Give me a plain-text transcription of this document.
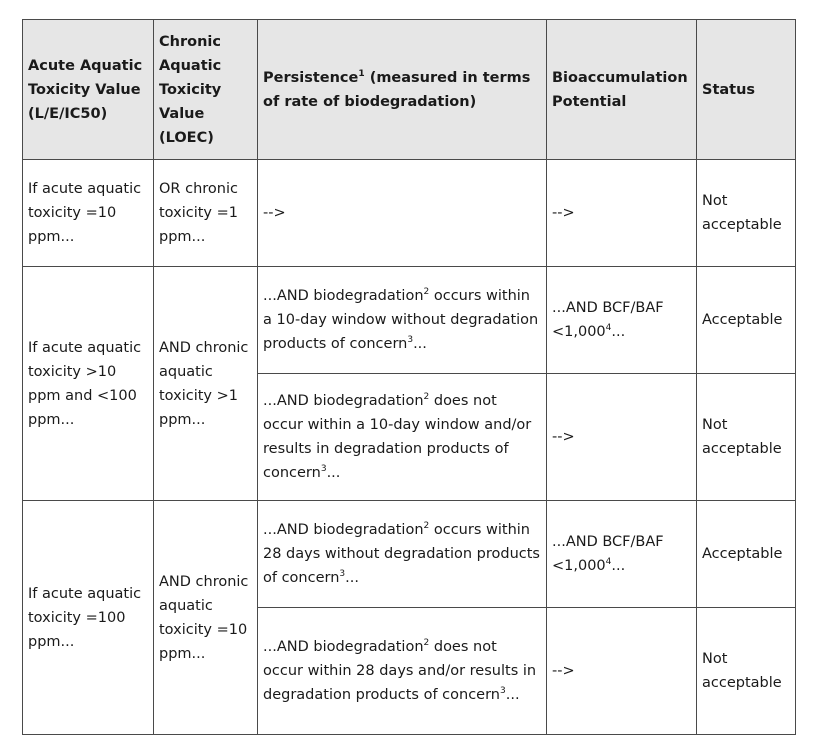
Acute Aquatic Toxicity Value (L/E/IC50)	Chronic Aquatic Toxicity Value (LOEC)	Persistence$^1$ (measured in terms of rate of biodegradation)	Bioaccumulation Potential	Status
If acute aquatic toxicity =10 ppm...	OR chronic toxicity =1 ppm...	-->	-->	Not acceptable
If acute aquatic toxicity >10 ppm and <100 ppm...	AND chronic aquatic toxicity >1 ppm...	...AND biodegradation$^2$ occurs within a 10-day window without degradation products of concern$^3$...	...AND $BCF/BAF <1,000^4$...	Acceptable
		...AND biodegradation$^2$ does not occur within a 10-day window and/or results in degradation products of concern$^3$...	-->	Not acceptable
If acute aquatic toxicity =100 ppm...	AND chronic aquatic toxicity =10 ppm...	...AND biodegradation$^2$ occurs within 28 days without degradation products of concern$^3$...	...AND $BCF/BAF <1,000^4$...	Acceptable
		...AND biodegradation$^2$ does not occur within 28 days and/or results in degradation products of concern$^3$...	-->	Not acceptable
